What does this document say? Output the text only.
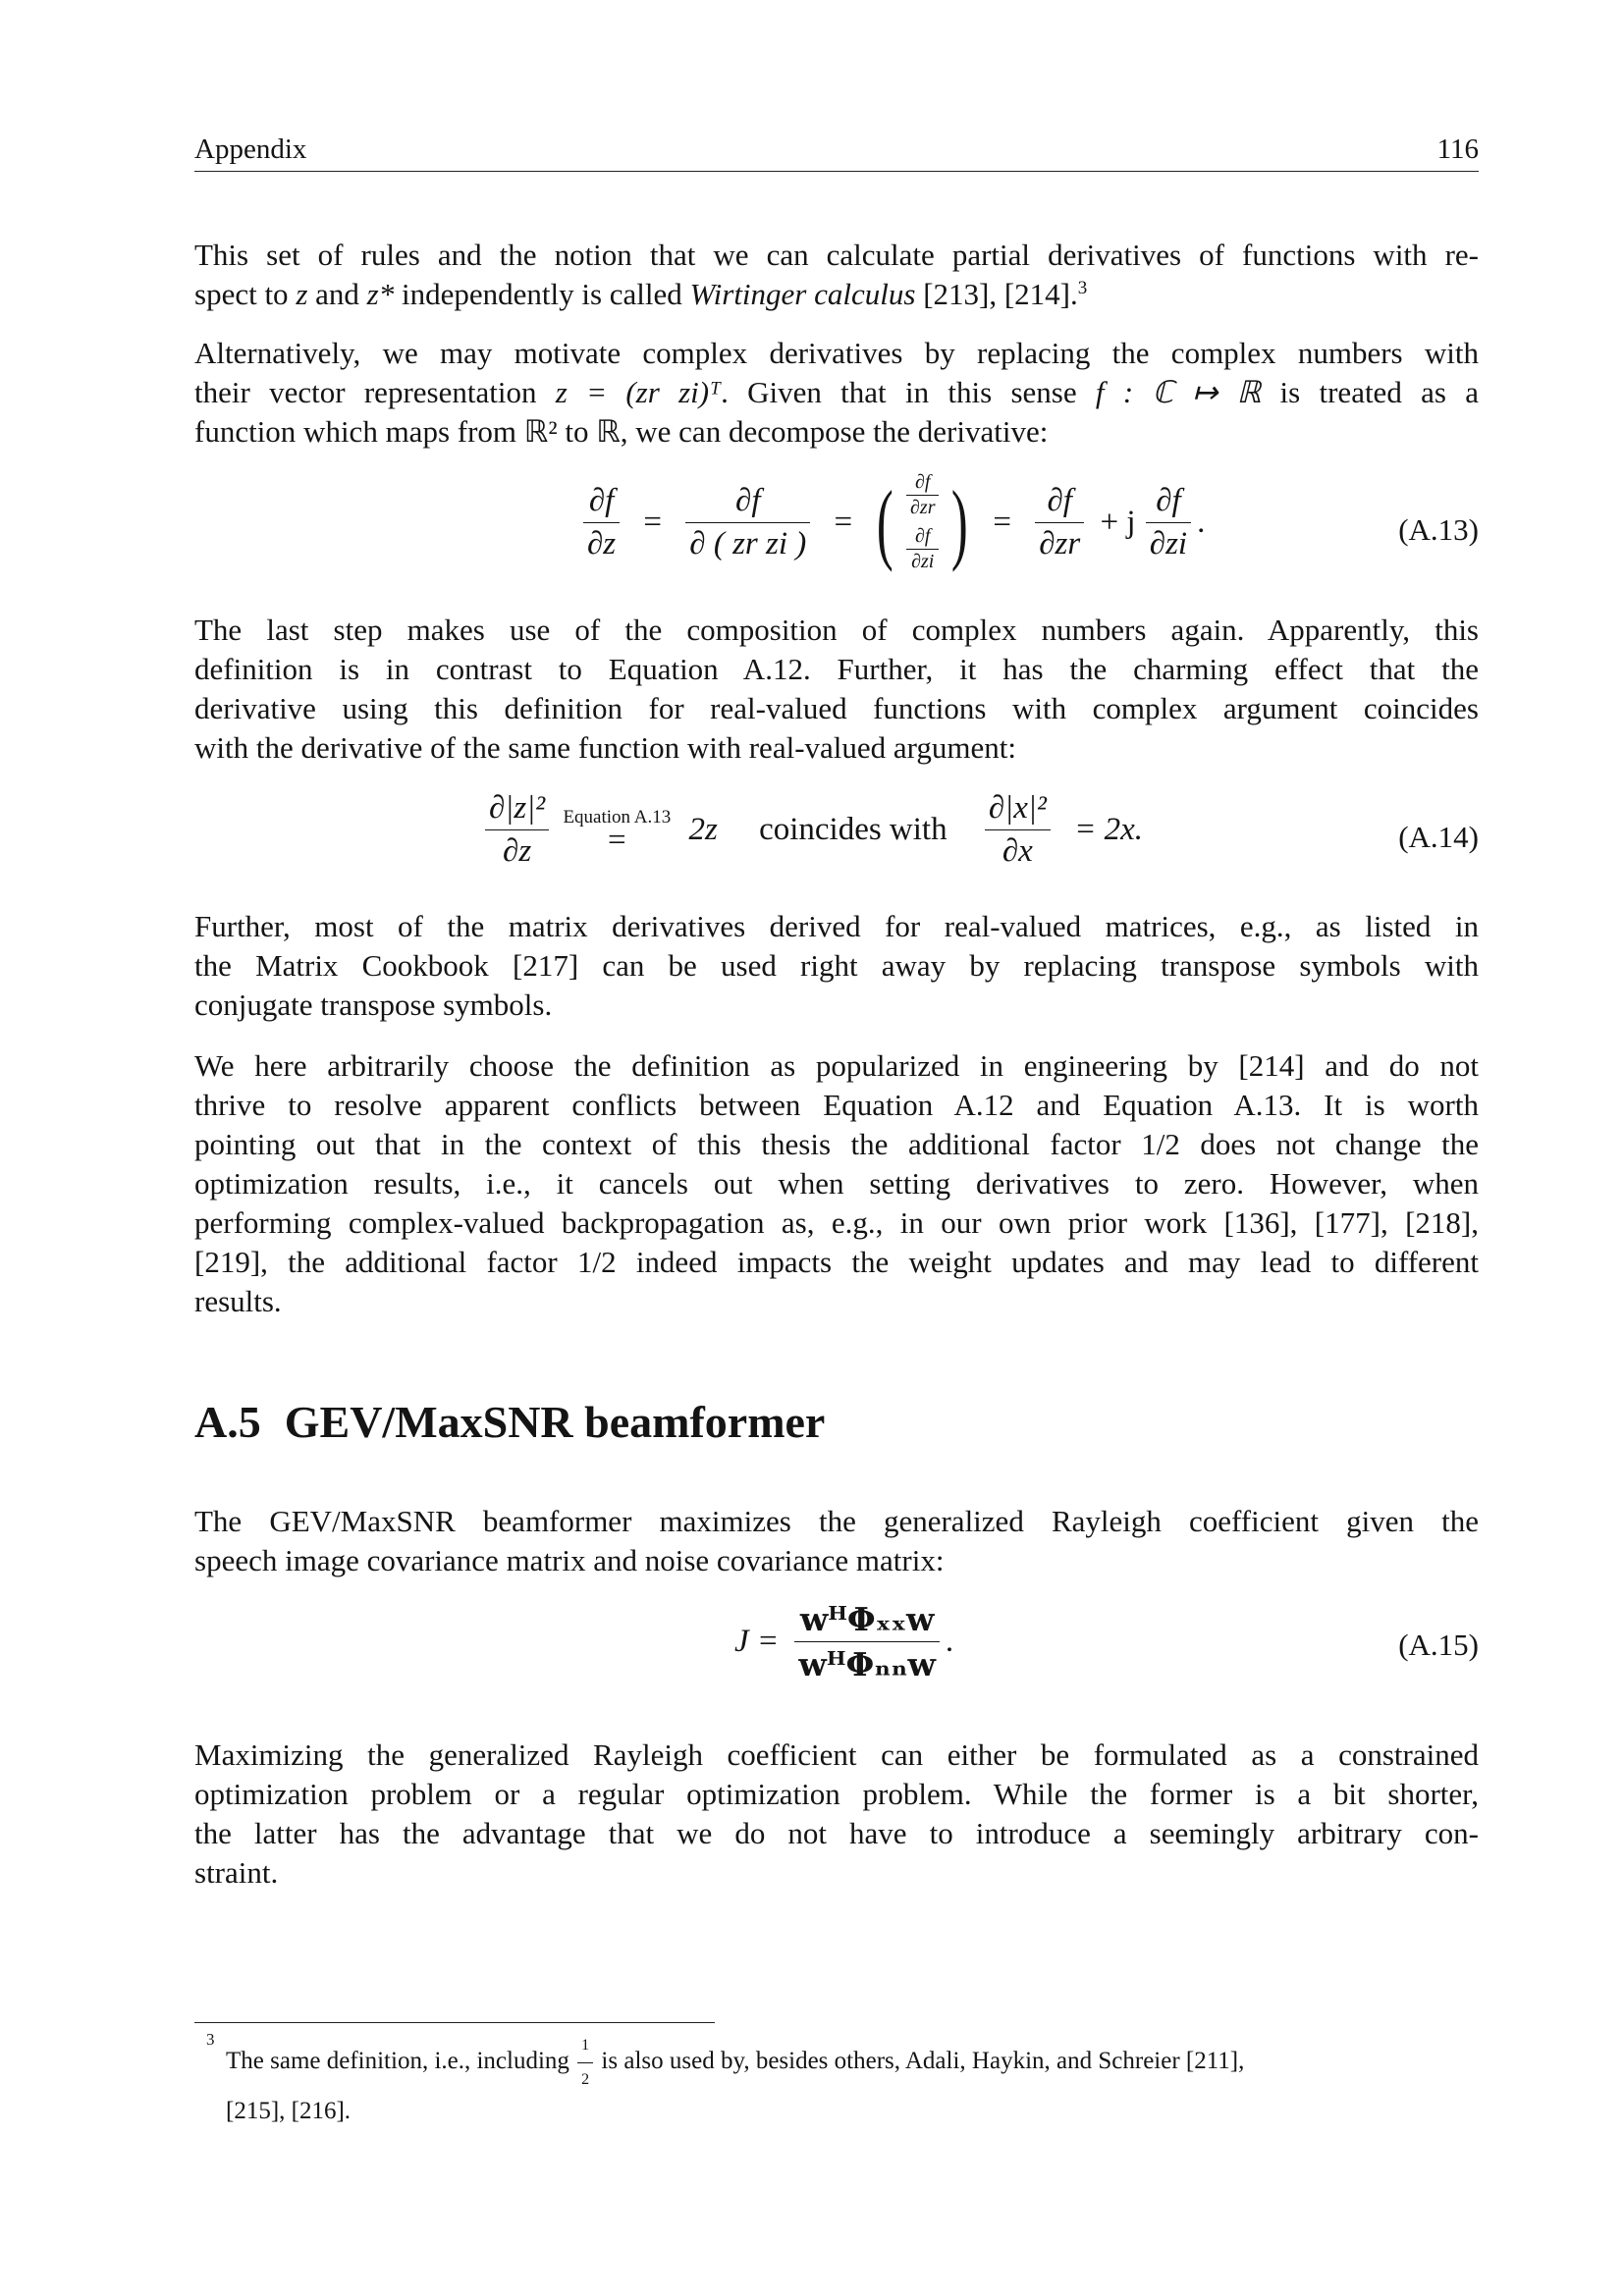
Appendix	116
This set of rules and the notion that we can calculate partial derivatives of functions with re-
spect to z and z* independently is called Wirtinger calculus [213], [214].$^3$
Alternatively, we may motivate complex derivatives by replacing the complex numbers with
their vector representation z = (zr zi)ᵀ. Given that in this sense f : ℂ ↦ ℝ is treated as a
function which maps from ℝ² to ℝ, we can decompose the derivative:
$\frac{\partial f}{\partial z} = \frac{\partial f}{\text{∂ ( zr zi )}}$ = (	∂f
∂zr
∂f
∂zi ) = $\frac{\partial f}{\partial zr} + j \frac{\partial f}{\partial zi}$ .	(A.13)
The last step makes use of the composition of complex numbers again. Apparently, this
definition is in contrast to Equation A.12. Further, it has the charming effect that the
derivative using this definition for real-valued functions with complex argument coincides
with the derivative of the same function with real-valued argument:
$\frac{\text{∂|z|²}}{\partial z}$
Equation A.13
=	2z coincides with $\frac{\text{∂|x|²}}{\partial x} = 2x$.	(A.14)
Further, most of the matrix derivatives derived for real-valued matrices, e.g., as listed in
the Matrix Cookbook [217] can be used right away by replacing transpose symbols with
conjugate transpose symbols.
We here arbitrarily choose the definition as popularized in engineering by [214] and do not
thrive to resolve apparent conflicts between Equation A.12 and Equation A.13. It is worth
pointing out that in the context of this thesis the additional factor 1/2 does not change the
optimization results, i.e., it cancels out when setting derivatives to zero. However, when
performing complex-valued backpropagation as, e.g., in our own prior work [136], [177], [218],
[219], the additional factor 1/2 indeed impacts the weight updates and may lead to different
results.
A.5 GEV/MaxSNR beamformer
The GEV/MaxSNR beamformer maximizes the generalized Rayleigh coefficient given the
speech image covariance matrix and noise covariance matrix:
$J = \frac{\text{wᴴΦₓₓw}}{\text{wᴴΦₙₙw}}$ .	(A.15)
Maximizing the generalized Rayleigh coefficient can either be formulated as a constrained
optimization problem or a regular optimization problem. While the former is a bit shorter,
the latter has the advantage that we do not have to introduce a seemingly arbitrary con-
straint.
3
The same definition, i.e., including $\frac{1}{2}$ is also used by, besides others, Adali, Haykin, and Schreier [211],
[215], [216].
